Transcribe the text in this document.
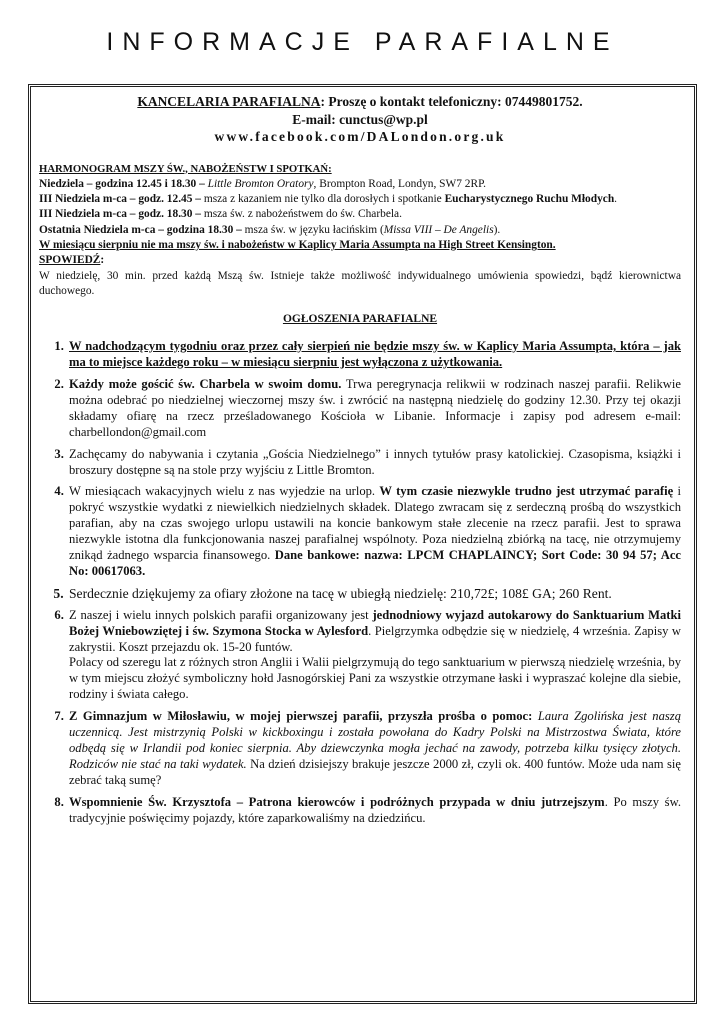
INFORMACJE PARAFIALNE
KANCELARIA PARAFIALNA: Proszę o kontakt telefoniczny: 07449801752.
E-mail: cunctus@wp.pl
www.facebook.com/DALondon.org.uk

HARMONOGRAM MSZY ŚW., NABOŻEŃSTW I SPOTKAŃ:

Niedziela – godzina 12.45 i 18.30 – Little Bromton Oratory, Brompton Road, Londyn, SW7 2RP.

III Niedziela m-ca – godz. 12.45 – msza z kazaniem nie tylko dla dorosłych i spotkanie Eucharystycznego Ruchu Młodych.

III Niedziela m-ca – godz. 18.30 – msza św. z nabożeństwem do św. Charbela.

Ostatnia Niedziela m-ca – godzina 18.30 – msza św. w języku łacińskim (Missa VIII – De Angelis).

W miesiącu sierpniu nie ma mszy św. i nabożeństw w Kaplicy Maria Assumpta na High Street Kensington.

SPOWIEDŹ:

W niedzielę, 30 min. przed każdą Mszą św. Istnieje także możliwość indywidualnego umówienia spowiedzi, bądź kierownictwa duchowego.

OGŁOSZENIA PARAFIALNE
1. W nadchodzącym tygodniu oraz przez cały sierpień nie będzie mszy św. w Kaplicy Maria Assumpta, która – jak ma to miejsce każdego roku – w miesiącu sierpniu jest wyłączona z użytkowania.
2. Każdy może gościć św. Charbela w swoim domu. Trwa peregrynacja relikwii w rodzinach naszej parafii. Relikwie można odebrać po niedzielnej wieczornej mszy św. i zwrócić na następną niedzielę do godziny 12.30. Przy tej okazji składamy ofiarę na rzecz prześladowanego Kościoła w Libanie. Informacje i zapisy pod adresem e-mail: charbellondon@gmail.com
3. Zachęcamy do nabywania i czytania „Gościa Niedzielnego” i innych tytułów prasy katolickiej. Czasopisma, książki i broszury dostępne są na stole przy wyjściu z Little Bromton.
4. W miesiącach wakacyjnych wielu z nas wyjedzie na urlop. W tym czasie niezwykle trudno jest utrzymać parafię i pokryć wszystkie wydatki z niewielkich niedzielnych składek. Dlatego zwracam się z serdeczną prośbą do wszystkich parafian, aby na czas swojego urlopu ustawili na koncie bankowym stałe zlecenie na rzecz parafii. Jest to sprawa niezwykle istotna dla funkcjonowania naszej parafialnej wspólnoty. Poza niedzielną zbiórką na tacę, nie otrzymujemy znikąd żadnego wsparcia finansowego. Dane bankowe: nazwa: LPCM CHAPLAINCY; Sort Code: 30 94 57; Acc No: 00617063.
5. Serdecznie dziękujemy za ofiary złożone na tacę w ubiegłą niedzielę: 210,72£; 108£ GA; 260 Rent.

6. Z naszej i wielu innych polskich parafii organizowany jest jednodniowy wyjazd autokarowy do Sanktuarium Matki Bożej Wniebowziętej i św. Szymona Stocka w Aylesford. Pielgrzymka odbędzie się w niedzielę, 4 września. Zapisy w zakrystii. Koszt przejazdu ok. 15-20 funtów.

Polacy od szeregu lat z różnych stron Anglii i Walii pielgrzymują do tego sanktuarium w pierwszą niedzielę września, by w tym miejscu złożyć symboliczny hołd Jasnogórskiej Pani za wszystkie otrzymane łaski i wypraszać kolejne dla siebie, rodziny i świata całego.

7. Z Gimnazjum w Miłosławiu, w mojej pierwszej parafii, przyszła prośba o pomoc: Laura Zgolińska jest naszą uczennicą. Jest mistrzynią Polski w kickboxingu i została powołana do Kadry Polski na Mistrzostwa Świata, które odbędą się w Irlandii pod koniec sierpnia. Aby dziewczynka mogła jechać na zawody, potrzeba kilku tysięcy złotych. Rodziców nie stać na taki wydatek. Na dzień dzisiejszy brakuje jeszcze 2000 zł, czyli ok. 400 funtów. Może uda nam się zebrać taką sumę?
8. Wspomnienie Św. Krzysztofa – Patrona kierowców i podróżnych przypada w dniu jutrzejszym. Po mszy św. tradycyjnie poświęcimy pojazdy, które zaparkowaliśmy na dziedzińcu.
